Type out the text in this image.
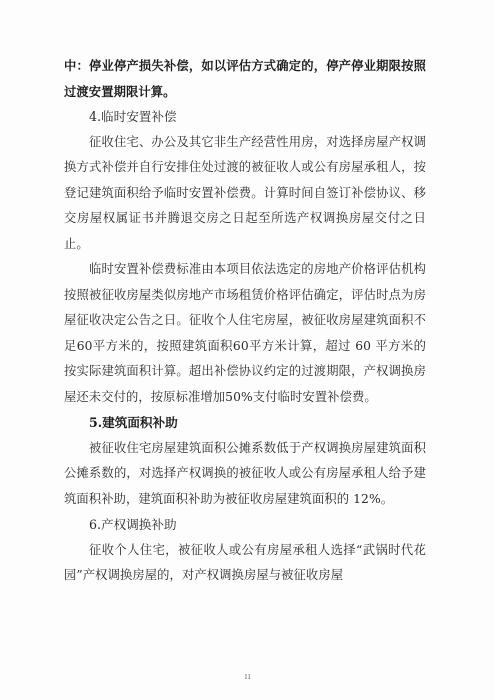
中：停业停产损失补偿，如以评估方式确定的，停产停业期限按照过渡安置期限计算。

4.临时安置补偿

征收住宅、办公及其它非生产经营性用房，对选择房屋产权调换方式补偿并自行安排住处过渡的被征收人或公有房屋承租人，按登记建筑面积给予临时安置补偿费。计算时间自签订补偿协议、移交房屋权属证书并腾退交房之日起至所选产权调换房屋交付之日止。

临时安置补偿费标准由本项目依法选定的房地产价格评估机构按照被征收房屋类似房地产市场租赁价格评估确定，评估时点为房屋征收决定公告之日。征收个人住宅房屋，被征收房屋建筑面积不足60平方米的，按照建筑面积60平方米计算，超过 60 平方米的按实际建筑面积计算。超出补偿协议约定的过渡期限，产权调换房屋还未交付的，按原标准增加50%支付临时安置补偿费。

5.建筑面积补助

被征收住宅房屋建筑面积公摊系数低于产权调换房屋建筑面积公摊系数的，对选择产权调换的被征收人或公有房屋承租人给予建筑面积补助，建筑面积补助为被征收房屋建筑面积的 12%。

6.产权调换补助

征收个人住宅，被征收人或公有房屋承租人选择“武锅时代花园”产权调换房屋的，对产权调换房屋与被征收房屋

11
